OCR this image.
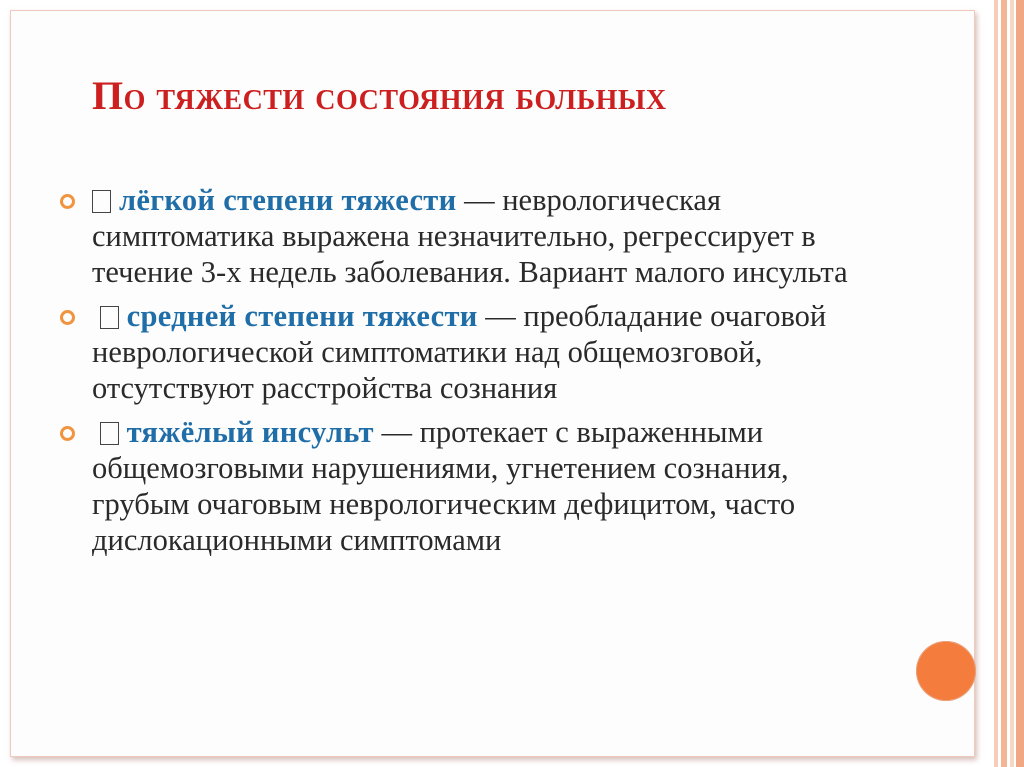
По тяжести состояния больных

лёгкой степени тяжести — неврологическая симптоматика выражена незначительно, регрессирует в течение 3-х недель заболевания. Вариант малого инсульта

средней степени тяжести — преобладание очаговой неврологической симптоматики над общемозговой, отсутствуют расстройства сознания

тяжёлый инсульт — протекает с выраженными общемозговыми нарушениями, угнетением сознания, грубым очаговым неврологическим дефицитом, часто дислокационными симптомами
